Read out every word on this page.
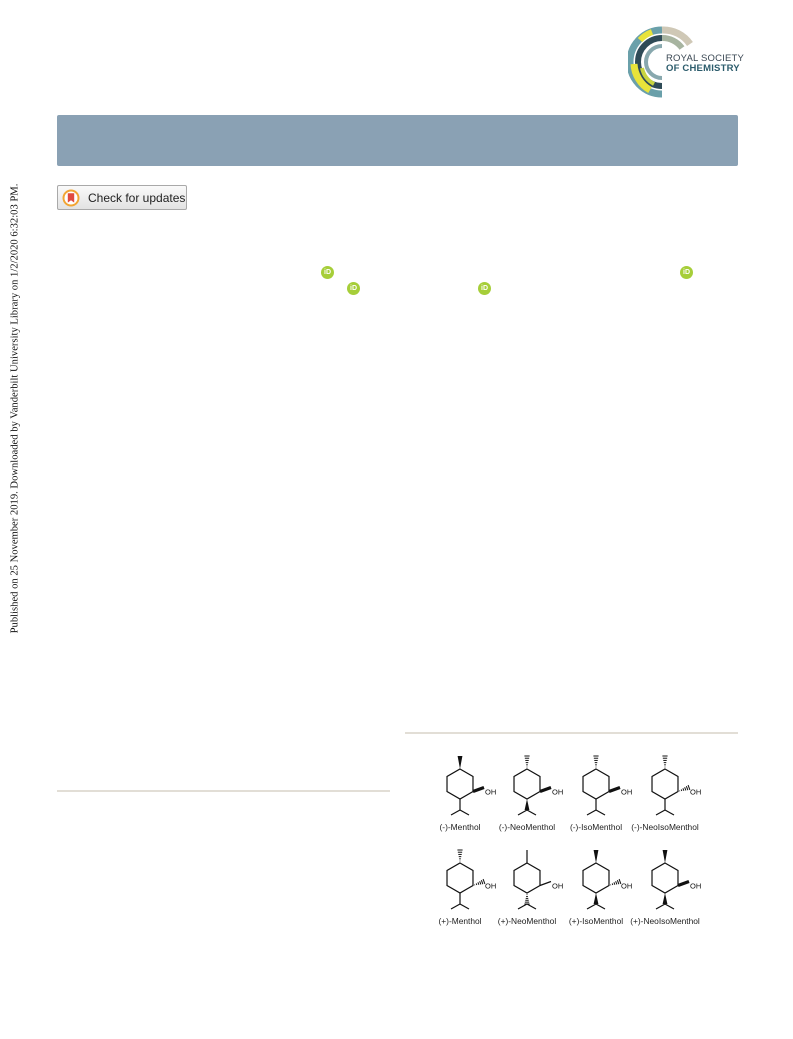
Published on 25 November 2019. Downloaded by Vanderbilt University Library on 1/2/2020 6:32:03 PM.
ROYAL SOCIETY
OF CHEMISTRY
Check for updates
iD	iD
iD	iD
OH	OH	OH	OH
OH	OH	OH	OH
(-)-Menthol (-)-NeoMenthol (-)-IsoMenthol (-)-NeoIsoMenthol
(+)-Menthol (+)-NeoMenthol (+)-IsoMenthol (+)-NeoIsoMenthol
